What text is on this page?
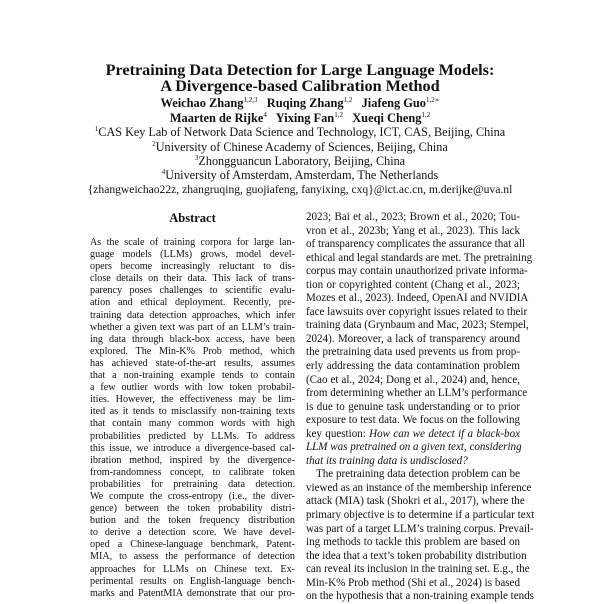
Pretraining Data Detection for Large Language Models:
A Divergence-based Calibration Method
Weichao Zhang$^{1,2,3}$ Ruqing Zhang$^{1,2}$ Jiafeng Guo$^{1,2∗}$
Maarten de Rijke$^4$ Yixing Fan$^{1,2}$ Xueqi Cheng$^{1,2}$
$^1$CAS Key Lab of Network Data Science and Technology, ICT, CAS, Beijing, China
$^2$University of Chinese Academy of Sciences, Beijing, China
$^3$Zhongguancun Laboratory, Beijing, China
$^4$University of Amsterdam, Amsterdam, The Netherlands
{zhangweichao22z, zhangruqing, guojiafeng, fanyixing, cxq}@ict.ac.cn, m.derijke@uva.nl
Abstract
As the scale of training corpora for large lan-
guage models (LLMs) grows, model devel-
opers become increasingly reluctant to dis-
close details on their data. This lack of trans-
parency poses challenges to scientific evalu-
ation and ethical deployment. Recently, pre-
training data detection approaches, which infer
whether a given text was part of an LLM’s train-
ing data through black-box access, have been
explored. The Min-K% Prob method, which
has achieved state-of-the-art results, assumes
that a non-training example tends to contain
a few outlier words with low token probabil-
ities. However, the effectiveness may be lim-
ited as it tends to misclassify non-training texts
that contain many common words with high
probabilities predicted by LLMs. To address
this issue, we introduce a divergence-based cal-
ibration method, inspired by the divergence-
from-randomness concept, to calibrate token
probabilities for pretraining data detection.
We compute the cross-entropy (i.e., the diver-
gence) between the token probability distri-
bution and the token frequency distribution
to derive a detection score. We have devel-
oped a Chinese-language benchmark, Patent-
MIA, to assess the performance of detection
approaches for LLMs on Chinese text. Ex-
perimental results on English-language bench-
marks and PatentMIA demonstrate that our pro-
2023; Bai et al., 2023; Brown et al., 2020; Tou-
vron et al., 2023b; Yang et al., 2023). This lack
of transparency complicates the assurance that all
ethical and legal standards are met. The pretraining
corpus may contain unauthorized private informa-
tion or copyrighted content (Chang et al., 2023;
Mozes et al., 2023). Indeed, OpenAI and NVIDIA
face lawsuits over copyright issues related to their
training data (Grynbaum and Mac, 2023; Stempel,
2024). Moreover, a lack of transparency around
the pretraining data used prevents us from prop-
erly addressing the data contamination problem
(Cao et al., 2024; Dong et al., 2024) and, hence,
from determining whether an LLM’s performance
is due to genuine task understanding or to prior
exposure to test data. We focus on the following
key question: How can we detect if a black-box
LLM was pretrained on a given text, considering
that its training data is undisclosed?
The pretraining data detection problem can be
viewed as an instance of the membership inference
attack (MIA) task (Shokri et al., 2017), where the
primary objective is to determine if a particular text
was part of a target LLM’s training corpus. Prevail-
ing methods to tackle this problem are based on
the idea that a text’s token probability distribution
can reveal its inclusion in the training set. E.g., the
Min-K% Prob method (Shi et al., 2024) is based
on the hypothesis that a non-training example tends
